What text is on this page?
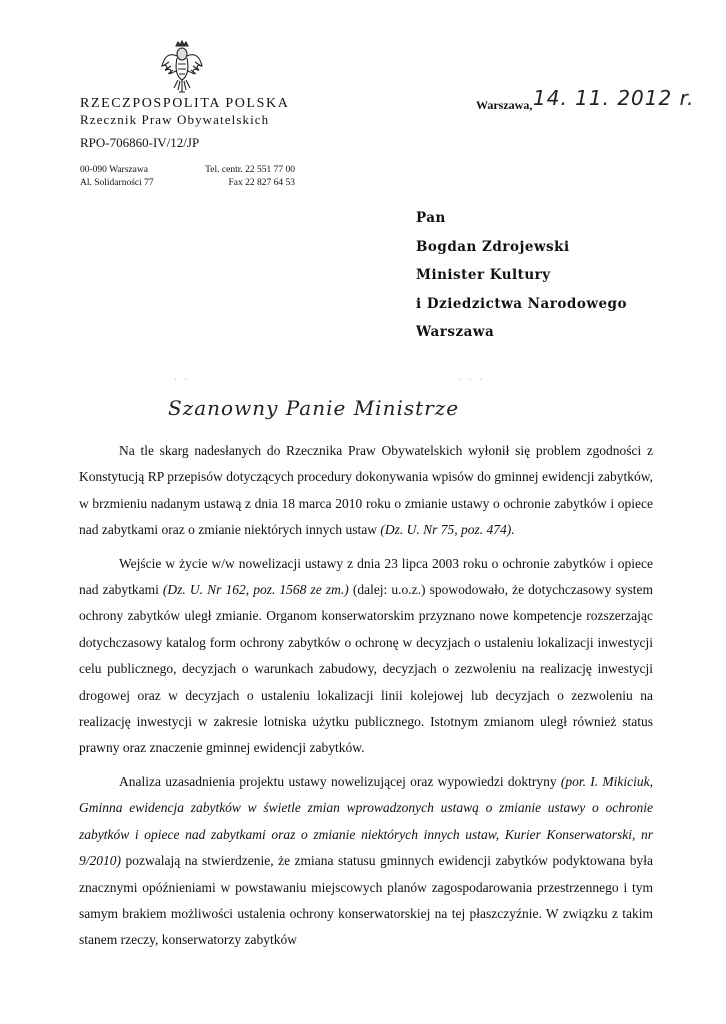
RZECZPOSPOLITA POLSKA
Rzecznik Praw Obywatelskich
RPO-706860-IV/12/JP
00-090 Warszawa
Al. Solidarności 77
Tel. centr. 22 551 77 00
Fax 22 827 64 53
Warszawa, 14. 11. 2012 r.
Pan
Bogdan Zdrojewski
Minister Kultury
i Dziedzictwa Narodowego
Warszawa
· ·	· · ·
Szanowny Panie Ministrze

Na tle skarg nadesłanych do Rzecznika Praw Obywatelskich wyłonił się problem zgodności z Konstytucją RP przepisów dotyczących procedury dokonywania wpisów do gminnej ewidencji zabytków, w brzmieniu nadanym ustawą z dnia 18 marca 2010 roku o zmianie ustawy o ochronie zabytków i opiece nad zabytkami oraz o zmianie niektórych innych ustaw (Dz. U. Nr 75, poz. 474).

Wejście w życie w/w nowelizacji ustawy z dnia 23 lipca 2003 roku o ochronie zabytków i opiece nad zabytkami (Dz. U. Nr 162, poz. 1568 ze zm.) (dalej: u.o.z.) spowodowało, że dotychczasowy system ochrony zabytków uległ zmianie. Organom konserwatorskim przyznano nowe kompetencje rozszerzając dotychczasowy katalog form ochrony zabytków o ochronę w decyzjach o ustaleniu lokalizacji inwestycji celu publicznego, decyzjach o warunkach zabudowy, decyzjach o zezwoleniu na realizację inwestycji drogowej oraz w decyzjach o ustaleniu lokalizacji linii kolejowej lub decyzjach o zezwoleniu na realizację inwestycji w zakresie lotniska użytku publicznego. Istotnym zmianom uległ również status prawny oraz znaczenie gminnej ewidencji zabytków.

Analiza uzasadnienia projektu ustawy nowelizującej oraz wypowiedzi doktryny (por. I. Mikiciuk, Gminna ewidencja zabytków w świetle zmian wprowadzonych ustawą o zmianie ustawy o ochronie zabytków i opiece nad zabytkami oraz o zmianie niektórych innych ustaw, Kurier Konserwatorski, nr 9/2010) pozwalają na stwierdzenie, że zmiana statusu gminnych ewidencji zabytków podyktowana była znacznymi opóźnieniami w powstawaniu miejscowych planów zagospodarowania przestrzennego i tym samym brakiem możliwości ustalenia ochrony konserwatorskiej na tej płaszczyźnie. W związku z takim stanem rzeczy, konserwatorzy zabytków
